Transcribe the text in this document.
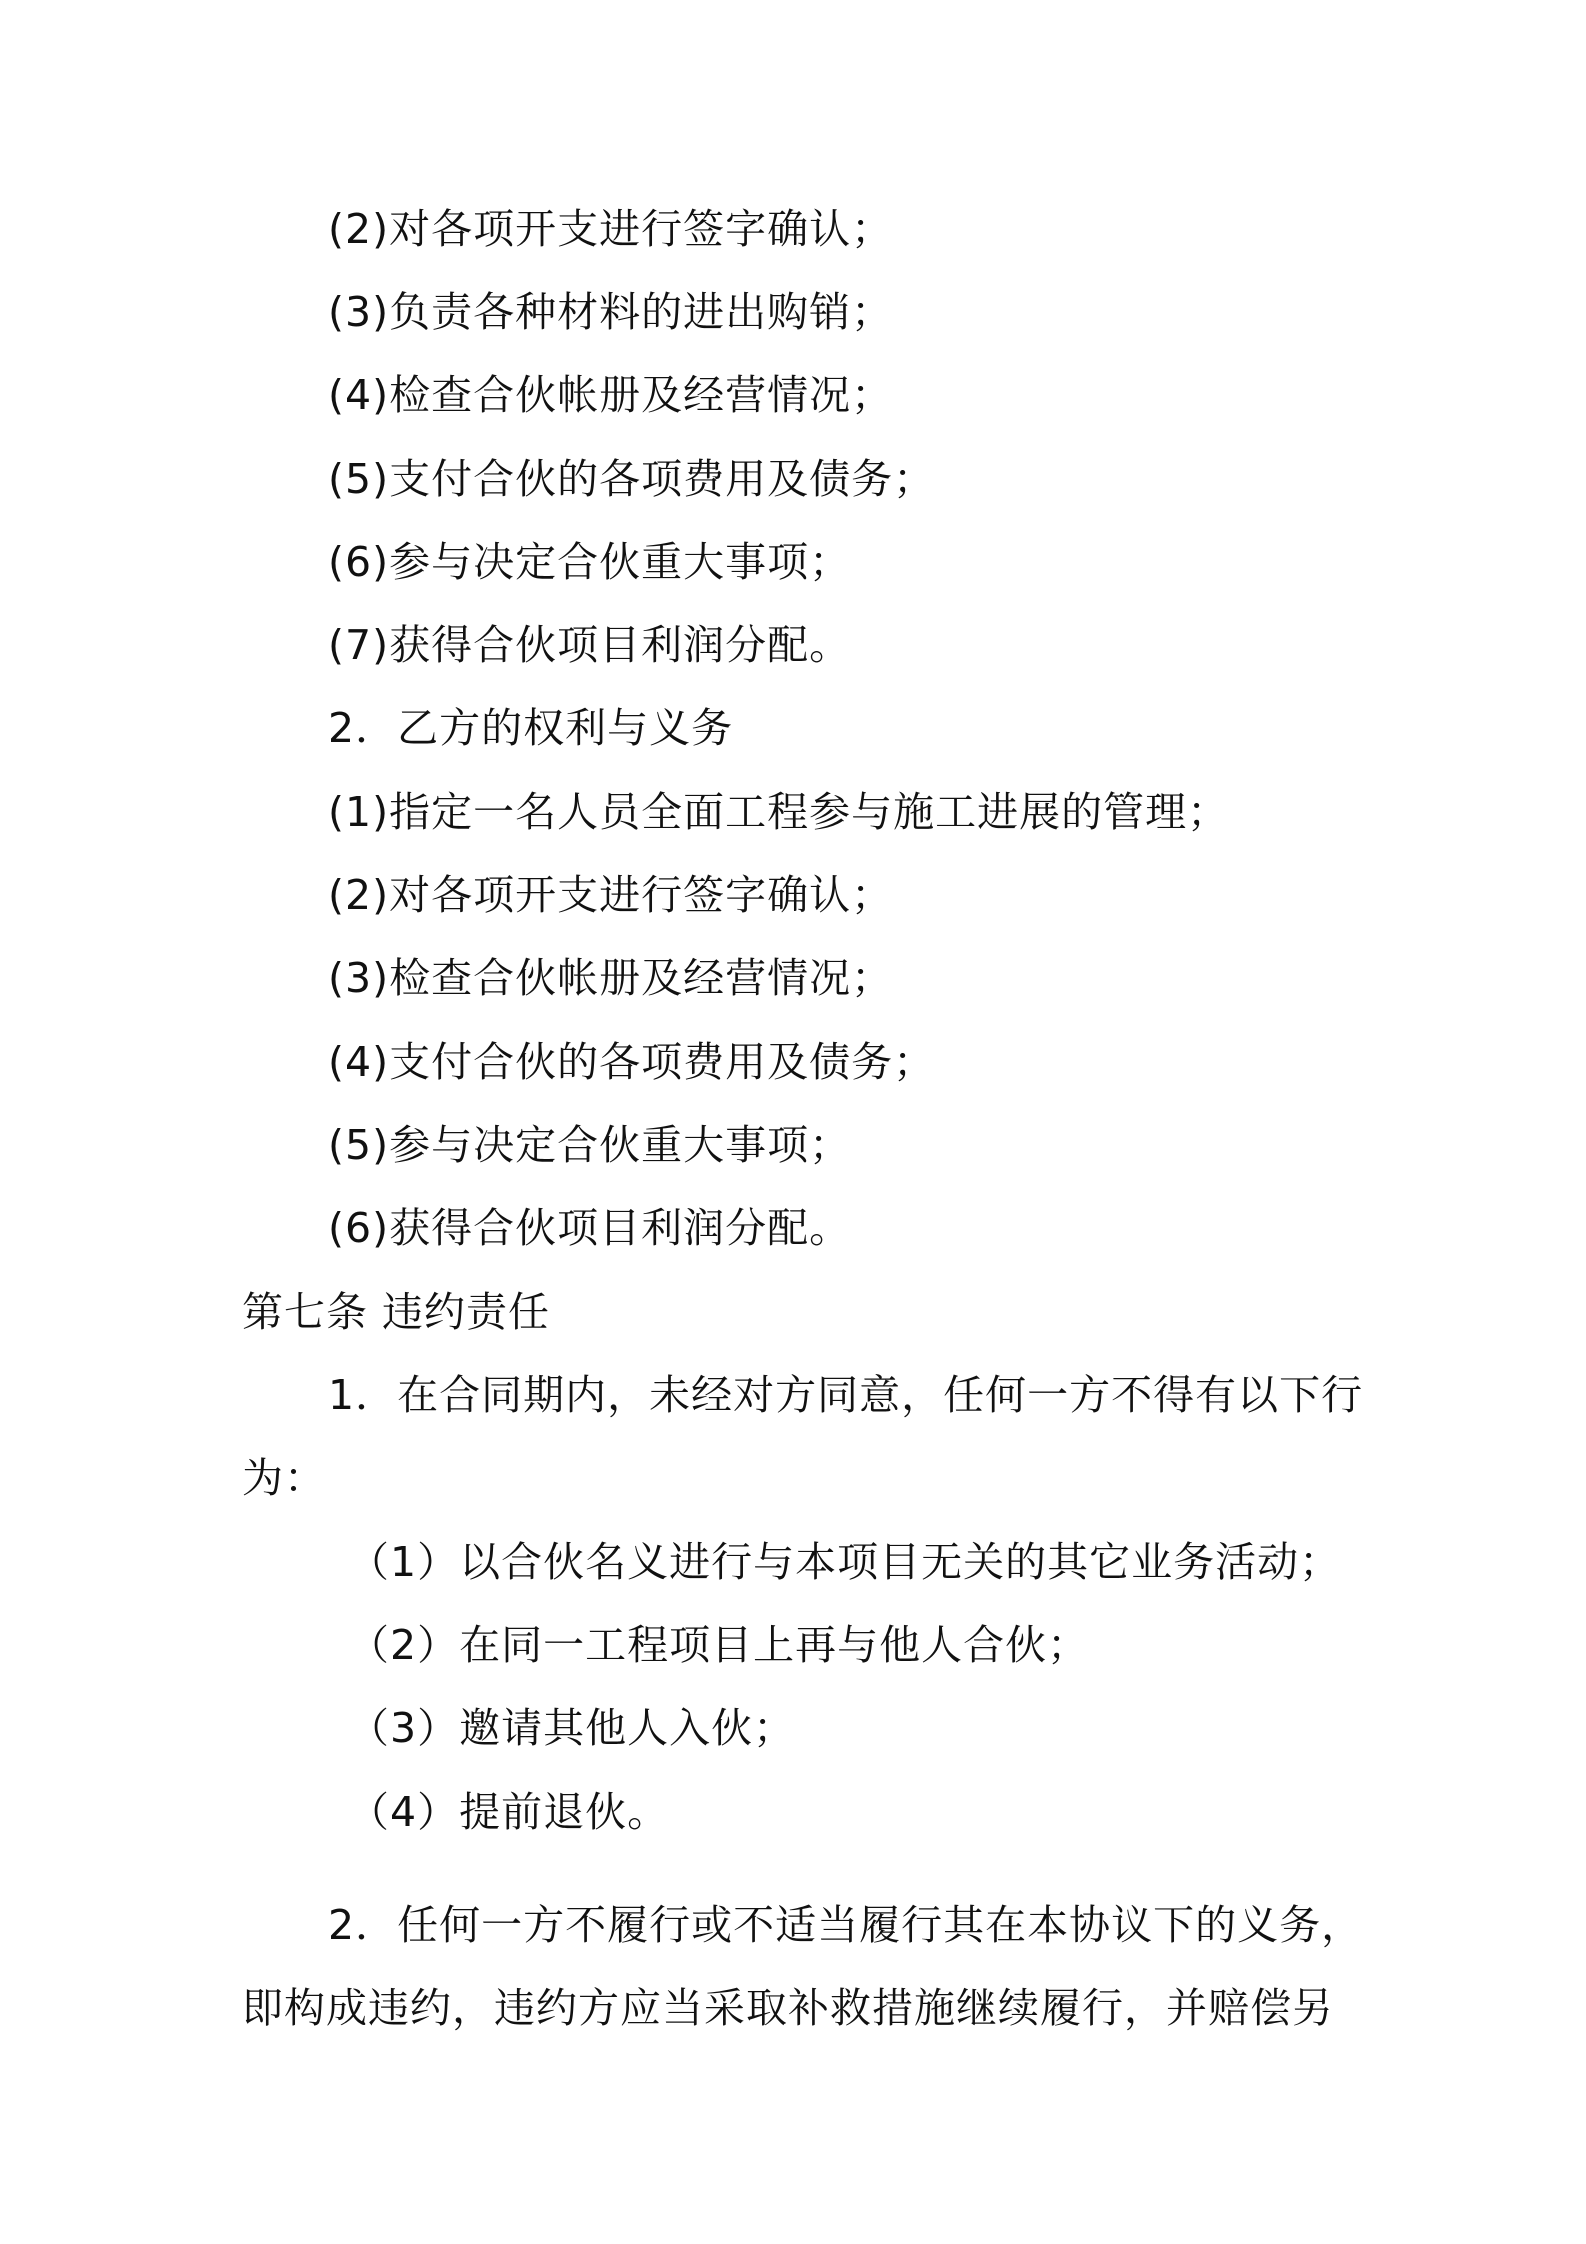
(2)对各项开支进行签字确认；
(3)负责各种材料的进出购销；
(4)检查合伙帐册及经营情况；
(5)支付合伙的各项费用及债务；
(6)参与决定合伙重大事项；
(7)获得合伙项目利润分配。
2．乙方的权利与义务
(1)指定一名人员全面工程参与施工进展的管理；
(2)对各项开支进行签字确认；
(3)检查合伙帐册及经营情况；
(4)支付合伙的各项费用及债务；
(5)参与决定合伙重大事项；
(6)获得合伙项目利润分配。
第七条 违约责任
1．在合同期内，未经对方同意，任何一方不得有以下行
为：
（1）以合伙名义进行与本项目无关的其它业务活动；
（2）在同一工程项目上再与他人合伙；
（3）邀请其他人入伙；
（4）提前退伙。
2．任何一方不履行或不适当履行其在本协议下的义务，
即构成违约，违约方应当采取补救措施继续履行，并赔偿另
